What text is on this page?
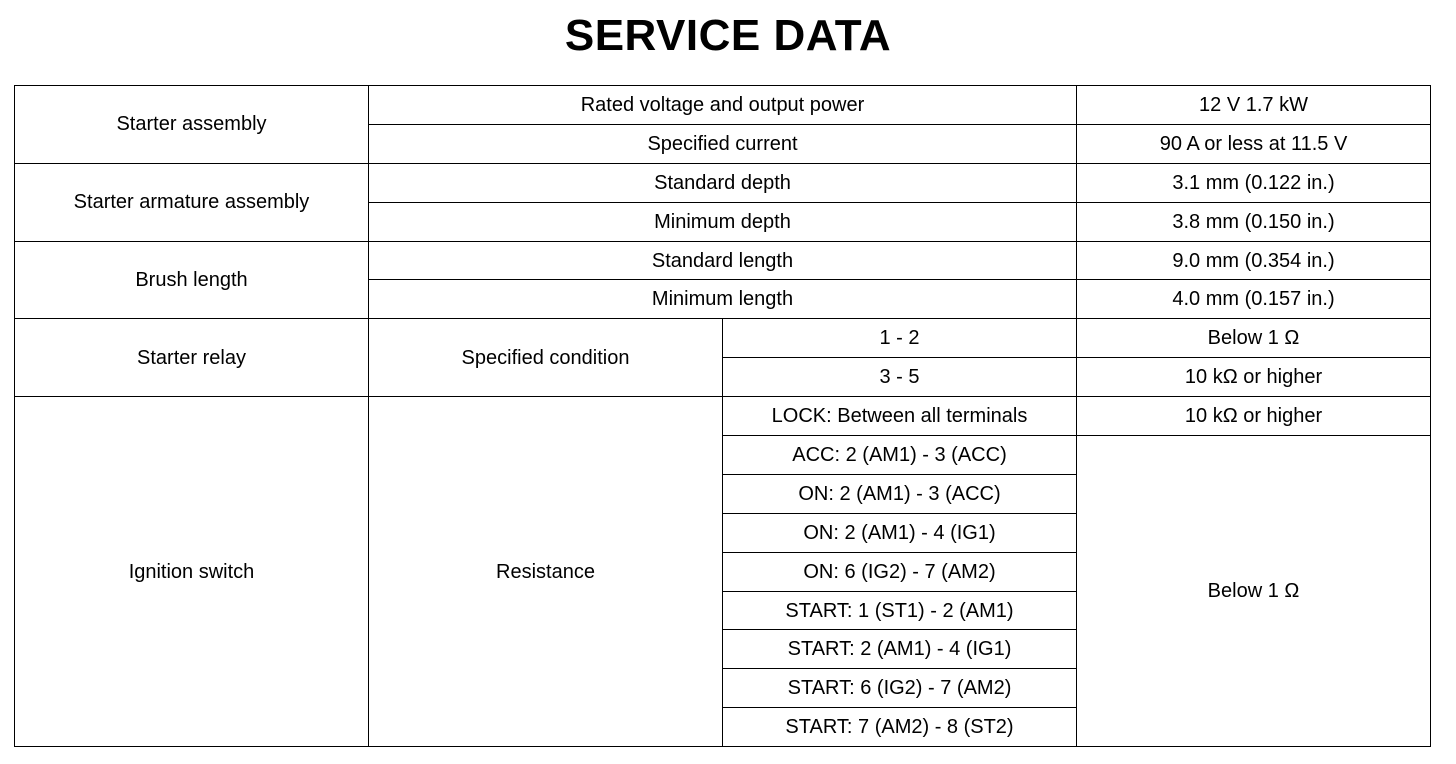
SERVICE DATA
Starter assembly	Rated voltage and output power		12 V 1.7 kW
	Specified current		90 A or less at 11.5 V
Starter armature assembly	Standard depth		3.1 mm (0.122 in.)
	Minimum depth		3.8 mm (0.150 in.)
Brush length	Standard length		9.0 mm (0.354 in.)
	Minimum length		4.0 mm (0.157 in.)
Starter relay	Specified condition	1 - 2	Below 1 Ω
		3 - 5	10 kΩ or higher
Ignition switch	Resistance	LOCK: Between all terminals	10 kΩ or higher
		ACC: 2 (AM1) - 3 (ACC)	Below 1 Ω
		ON: 2 (AM1) - 3 (ACC)	
		ON: 2 (AM1) - 4 (IG1)	
		ON: 6 (IG2) - 7 (AM2)	
		START: 1 (ST1) - 2 (AM1)	
		START: 2 (AM1) - 4 (IG1)	
		START: 6 (IG2) - 7 (AM2)	
		START: 7 (AM2) - 8 (ST2)	
